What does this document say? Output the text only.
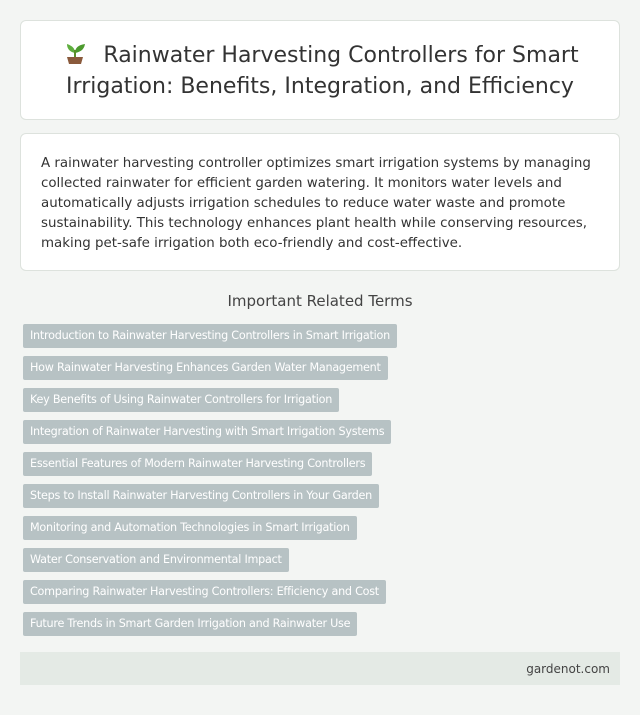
Rainwater Harvesting Controllers for Smart Irrigation: Benefits, Integration, and Efficiency

A rainwater harvesting controller optimizes smart irrigation systems by managing collected rainwater for efficient garden watering. It monitors water levels and automatically adjusts irrigation schedules to reduce water waste and promote sustainability. This technology enhances plant health while conserving resources, making pet-safe irrigation both eco-friendly and cost-effective.

Important Related Terms
Introduction to Rainwater Harvesting Controllers in Smart Irrigation
How Rainwater Harvesting Enhances Garden Water Management
Key Benefits of Using Rainwater Controllers for Irrigation
Integration of Rainwater Harvesting with Smart Irrigation Systems
Essential Features of Modern Rainwater Harvesting Controllers
Steps to Install Rainwater Harvesting Controllers in Your Garden
Monitoring and Automation Technologies in Smart Irrigation
Water Conservation and Environmental Impact
Comparing Rainwater Harvesting Controllers: Efficiency and Cost
Future Trends in Smart Garden Irrigation and Rainwater Use
gardenot.com
